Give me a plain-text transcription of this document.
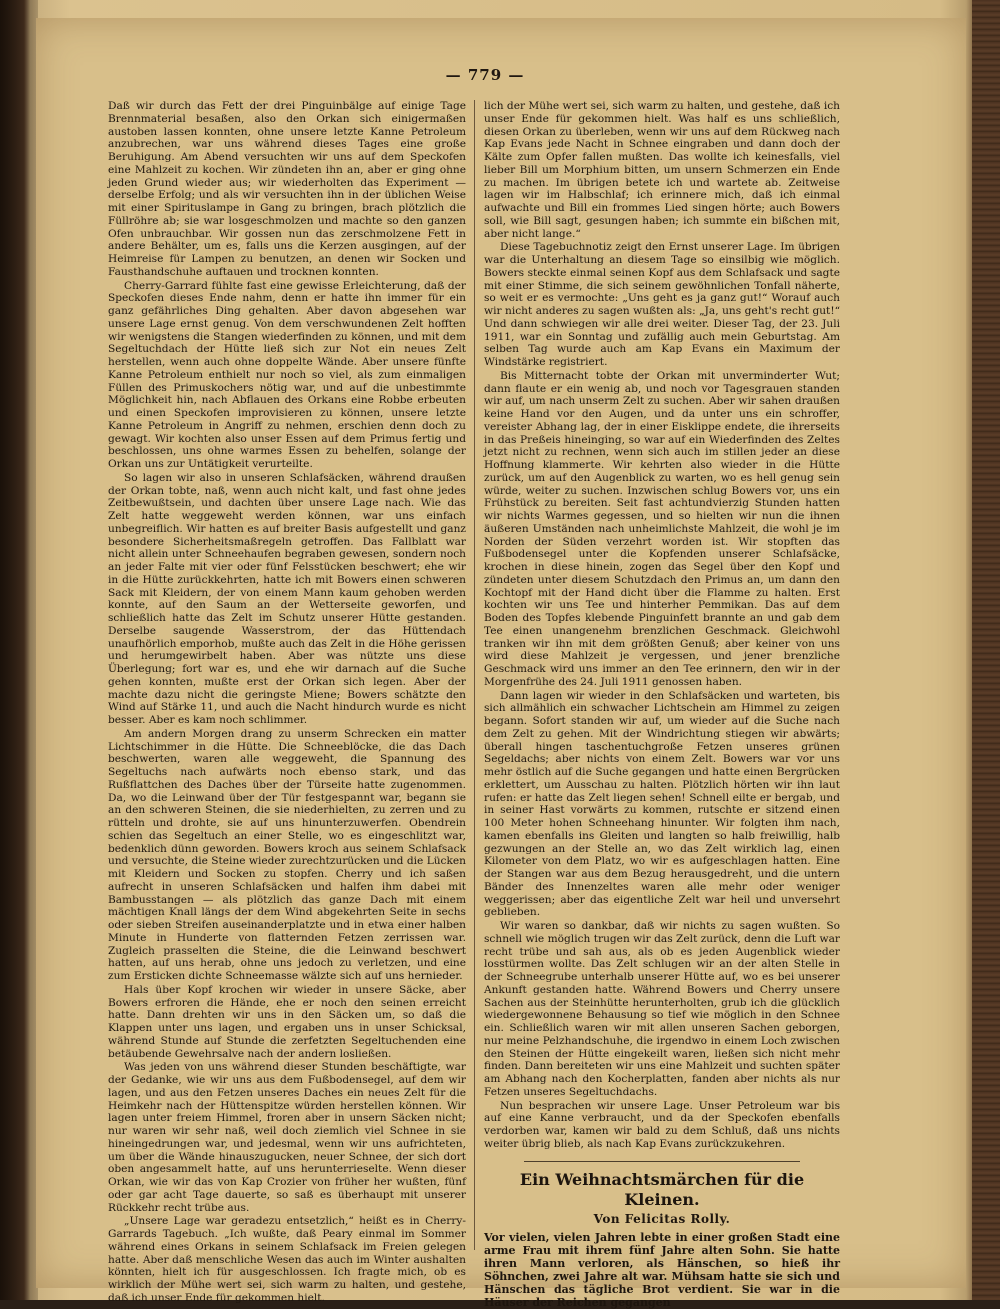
— 779 —

Daß wir durch das Fett der drei Pinguinbälge auf einige Tage Brennmaterial besaßen, also den Orkan sich einigermaßen austoben lassen konnten, ohne unsere letzte Kanne Petroleum anzubrechen, war uns während dieses Tages eine große Beruhigung. Am Abend versuchten wir uns auf dem Speckofen eine Mahlzeit zu kochen. Wir zündeten ihn an, aber er ging ohne jeden Grund wieder aus; wir wiederholten das Experiment — derselbe Erfolg; und als wir versuchten ihn in der üblichen Weise mit einer Spirituslampe in Gang zu bringen, brach plötzlich die Füllröhre ab; sie war losgeschmolzen und machte so den ganzen Ofen unbrauchbar. Wir gossen nun das zerschmolzene Fett in andere Behälter, um es, falls uns die Kerzen ausgingen, auf der Heimreise für Lampen zu benutzen, an denen wir Socken und Fausthandschuhe auftauen und trocknen konnten.

Cherry-Garrard fühlte fast eine gewisse Erleichterung, daß der Speckofen dieses Ende nahm, denn er hatte ihn immer für ein ganz gefährliches Ding gehalten. Aber davon abgesehen war unsere Lage ernst genug. Von dem verschwundenen Zelt hofften wir wenigstens die Stangen wiederfinden zu können, und mit dem Segeltuchdach der Hütte ließ sich zur Not ein neues Zelt herstellen, wenn auch ohne doppelte Wände. Aber unsere fünfte Kanne Petroleum enthielt nur noch so viel, als zum einmaligen Füllen des Primuskochers nötig war, und auf die unbestimmte Möglichkeit hin, nach Abflauen des Orkans eine Robbe erbeuten und einen Speckofen improvisieren zu können, unsere letzte Kanne Petroleum in Angriff zu nehmen, erschien denn doch zu gewagt. Wir kochten also unser Essen auf dem Primus fertig und beschlossen, uns ohne warmes Essen zu behelfen, solange der Orkan uns zur Untätigkeit verurteilte.

So lagen wir also in unseren Schlafsäcken, während draußen der Orkan tobte, naß, wenn auch nicht kalt, und fast ohne jedes Zeitbewußtsein, und dachten über unsere Lage nach. Wie das Zelt hatte weggeweht werden können, war uns einfach unbegreiflich. Wir hatten es auf breiter Basis aufgestellt und ganz besondere Sicherheitsmaßregeln getroffen. Das Fallblatt war nicht allein unter Schneehaufen begraben gewesen, sondern noch an jeder Falte mit vier oder fünf Felsstücken beschwert; ehe wir in die Hütte zurückkehrten, hatte ich mit Bowers einen schweren Sack mit Kleidern, der von einem Mann kaum gehoben werden konnte, auf den Saum an der Wetterseite geworfen, und schließlich hatte das Zelt im Schutz unserer Hütte gestanden. Derselbe saugende Wasserstrom, der das Hüttendach unaufhörlich emporhob, mußte auch das Zelt in die Höhe gerissen und herumgewirbelt haben. Aber was nützte uns diese Überlegung; fort war es, und ehe wir darnach auf die Suche gehen konnten, mußte erst der Orkan sich legen. Aber der machte dazu nicht die geringste Miene; Bowers schätzte den Wind auf Stärke 11, und auch die Nacht hindurch wurde es nicht besser. Aber es kam noch schlimmer.

Am andern Morgen drang zu unserm Schrecken ein matter Lichtschimmer in die Hütte. Die Schneeblöcke, die das Dach beschwerten, waren alle weggeweht, die Spannung des Segeltuchs nach aufwärts noch ebenso stark, und das Rußflattchen des Daches über der Türseite hatte zugenommen. Da, wo die Leinwand über der Tür festgespannt war, begann sie an den schweren Steinen, die sie niederhielten, zu zerren und zu rütteln und drohte, sie auf uns hinunterzuwerfen. Obendrein schien das Segeltuch an einer Stelle, wo es eingeschlitzt war, bedenklich dünn geworden. Bowers kroch aus seinem Schlafsack und versuchte, die Steine wieder zurechtzurücken und die Lücken mit Kleidern und Socken zu stopfen. Cherry und ich saßen aufrecht in unseren Schlafsäcken und halfen ihm dabei mit Bambusstangen — als plötzlich das ganze Dach mit einem mächtigen Knall längs der dem Wind abgekehrten Seite in sechs oder sieben Streifen auseinanderplatzte und in etwa einer halben Minute in Hunderte von flatternden Fetzen zerrissen war. Zugleich prasselten die Steine, die die Leinwand beschwert hatten, auf uns herab, ohne uns jedoch zu verletzen, und eine zum Ersticken dichte Schneemasse wälzte sich auf uns hernieder.

Hals über Kopf krochen wir wieder in unsere Säcke, aber Bowers erfroren die Hände, ehe er noch den seinen erreicht hatte. Dann drehten wir uns in den Säcken um, so daß die Klappen unter uns lagen, und ergaben uns in unser Schicksal, während Stunde auf Stunde die zerfetzten Segeltuchenden eine betäubende Gewehrsalve nach der andern losließen.

Was jeden von uns während dieser Stunden beschäftigte, war der Gedanke, wie wir uns aus dem Fußbodensegel, auf dem wir lagen, und aus den Fetzen unseres Daches ein neues Zelt für die Heimkehr nach der Hüttenspitze würden herstellen können. Wir lagen unter freiem Himmel, froren aber in unsern Säcken nicht; nur waren wir sehr naß, weil doch ziemlich viel Schnee in sie hineingedrungen war, und jedesmal, wenn wir uns aufrichteten, um über die Wände hinauszugucken, neuer Schnee, der sich dort oben angesammelt hatte, auf uns herunterrieselte. Wenn dieser Orkan, wie wir das von Kap Crozier von früher her wußten, fünf oder gar acht Tage dauerte, so saß es überhaupt mit unserer Rückkehr recht trübe aus.

„Unsere Lage war geradezu entsetzlich,“ heißt es in Cherry-Garrards Tagebuch. „Ich wußte, daß Peary einmal im Sommer während eines Orkans in seinem Schlafsack im Freien gelegen hatte. Aber daß menschliche Wesen das auch im Winter aushalten könnten, hielt ich für ausgeschlossen. Ich fragte mich, ob es wirklich der Mühe wert sei, sich warm zu halten, und gestehe, daß ich unser Ende für gekommen hielt.

lich der Mühe wert sei, sich warm zu halten, und gestehe, daß ich unser Ende für gekommen hielt. Was half es uns schließlich, diesen Orkan zu überleben, wenn wir uns auf dem Rückweg nach Kap Evans jede Nacht in Schnee eingraben und dann doch der Kälte zum Opfer fallen mußten. Das wollte ich keinesfalls, viel lieber Bill um Morphium bitten, um unsern Schmerzen ein Ende zu machen. Im übrigen betete ich und wartete ab. Zeitweise lagen wir im Halbschlaf; ich erinnere mich, daß ich einmal aufwachte und Bill ein frommes Lied singen hörte; auch Bowers soll, wie Bill sagt, gesungen haben; ich summte ein bißchen mit, aber nicht lange.“

Diese Tagebuchnotiz zeigt den Ernst unserer Lage. Im übrigen war die Unterhaltung an diesem Tage so einsilbig wie möglich. Bowers steckte einmal seinen Kopf aus dem Schlafsack und sagte mit einer Stimme, die sich seinem gewöhnlichen Tonfall näherte, so weit er es vermochte: „Uns geht es ja ganz gut!“ Worauf auch wir nicht anderes zu sagen wußten als: „Ja, uns geht's recht gut!“ Und dann schwiegen wir alle drei weiter. Dieser Tag, der 23. Juli 1911, war ein Sonntag und zufällig auch mein Geburtstag. Am selben Tag wurde auch am Kap Evans ein Maximum der Windstärke registriert.

Bis Mitternacht tobte der Orkan mit unverminderter Wut; dann flaute er ein wenig ab, und noch vor Tagesgrauen standen wir auf, um nach unserm Zelt zu suchen. Aber wir sahen draußen keine Hand vor den Augen, und da unter uns ein schroffer, vereister Abhang lag, der in einer Eisklippe endete, die ihrerseits in das Preßeis hineinging, so war auf ein Wiederfinden des Zeltes jetzt nicht zu rechnen, wenn sich auch im stillen jeder an diese Hoffnung klammerte. Wir kehrten also wieder in die Hütte zurück, um auf den Augenblick zu warten, wo es hell genug sein würde, weiter zu suchen. Inzwischen schlug Bowers vor, uns ein Frühstück zu bereiten. Seit fast achtundvierzig Stunden hatten wir nichts Warmes gegessen, und so hielten wir nun die ihnen äußeren Umständen nach unheimlichste Mahlzeit, die wohl je im Norden der Süden verzehrt worden ist. Wir stopften das Fußbodensegel unter die Kopfenden unserer Schlafsäcke, krochen in diese hinein, zogen das Segel über den Kopf und zündeten unter diesem Schutzdach den Primus an, um dann den Kochtopf mit der Hand dicht über die Flamme zu halten. Erst kochten wir uns Tee und hinterher Pemmikan. Das auf dem Boden des Topfes klebende Pinguinfett brannte an und gab dem Tee einen unangenehm brenzlichen Geschmack. Gleichwohl tranken wir ihn mit dem größten Genuß; aber keiner von uns wird diese Mahlzeit je vergessen, und jener brenzliche Geschmack wird uns immer an den Tee erinnern, den wir in der Morgenfrühe des 24. Juli 1911 genossen haben.

Dann lagen wir wieder in den Schlafsäcken und warteten, bis sich allmählich ein schwacher Lichtschein am Himmel zu zeigen begann. Sofort standen wir auf, um wieder auf die Suche nach dem Zelt zu gehen. Mit der Windrichtung stiegen wir abwärts; überall hingen taschentuchgroße Fetzen unseres grünen Segeldachs; aber nichts von einem Zelt. Bowers war vor uns mehr östlich auf die Suche gegangen und hatte einen Bergrücken erklettert, um Ausschau zu halten. Plötzlich hörten wir ihn laut rufen: er hatte das Zelt liegen sehen! Schnell eilte er bergab, und in seiner Hast vorwärts zu kommen, rutschte er sitzend einen 100 Meter hohen Schneehang hinunter. Wir folgten ihm nach, kamen ebenfalls ins Gleiten und langten so halb freiwillig, halb gezwungen an der Stelle an, wo das Zelt wirklich lag, einen Kilometer von dem Platz, wo wir es aufgeschlagen hatten. Eine der Stangen war aus dem Bezug herausgedreht, und die untern Bänder des Innenzeltes waren alle mehr oder weniger weggerissen; aber das eigentliche Zelt war heil und unversehrt geblieben.

Wir waren so dankbar, daß wir nichts zu sagen wußten. So schnell wie möglich trugen wir das Zelt zurück, denn die Luft war recht trübe und sah aus, als ob es jeden Augenblick wieder losstürmen wollte. Das Zelt schlugen wir an der alten Stelle in der Schneegrube unterhalb unserer Hütte auf, wo es bei unserer Ankunft gestanden hatte. Während Bowers und Cherry unsere Sachen aus der Steinhütte herunterholten, grub ich die glücklich wiedergewonnene Behausung so tief wie möglich in den Schnee ein. Schließlich waren wir mit allen unseren Sachen geborgen, nur meine Pelzhandschuhe, die irgendwo in einem Loch zwischen den Steinen der Hütte eingekeilt waren, ließen sich nicht mehr finden. Dann bereiteten wir uns eine Mahlzeit und suchten später am Abhang nach den Kocherplatten, fanden aber nichts als nur Fetzen unseres Segeltuchdachs.

Nun besprachen wir unsere Lage. Unser Petroleum war bis auf eine Kanne verbraucht, und da der Speckofen ebenfalls verdorben war, kamen wir bald zu dem Schluß, daß uns nichts weiter übrig blieb, als nach Kap Evans zurückzukehren.

Ein Weihnachtsmärchen für die Kleinen.
Von Felicitas Rolly.

Vor vielen, vielen Jahren lebte in einer großen Stadt eine arme Frau mit ihrem fünf Jahre alten Sohn. Sie hatte ihren Mann verloren, als Hänschen, so hieß ihr Söhnchen, zwei Jahre alt war. Mühsam hatte sie sich und Hänschen das tägliche Brot verdient. Sie war in die Häuser der Reichen gegangen
